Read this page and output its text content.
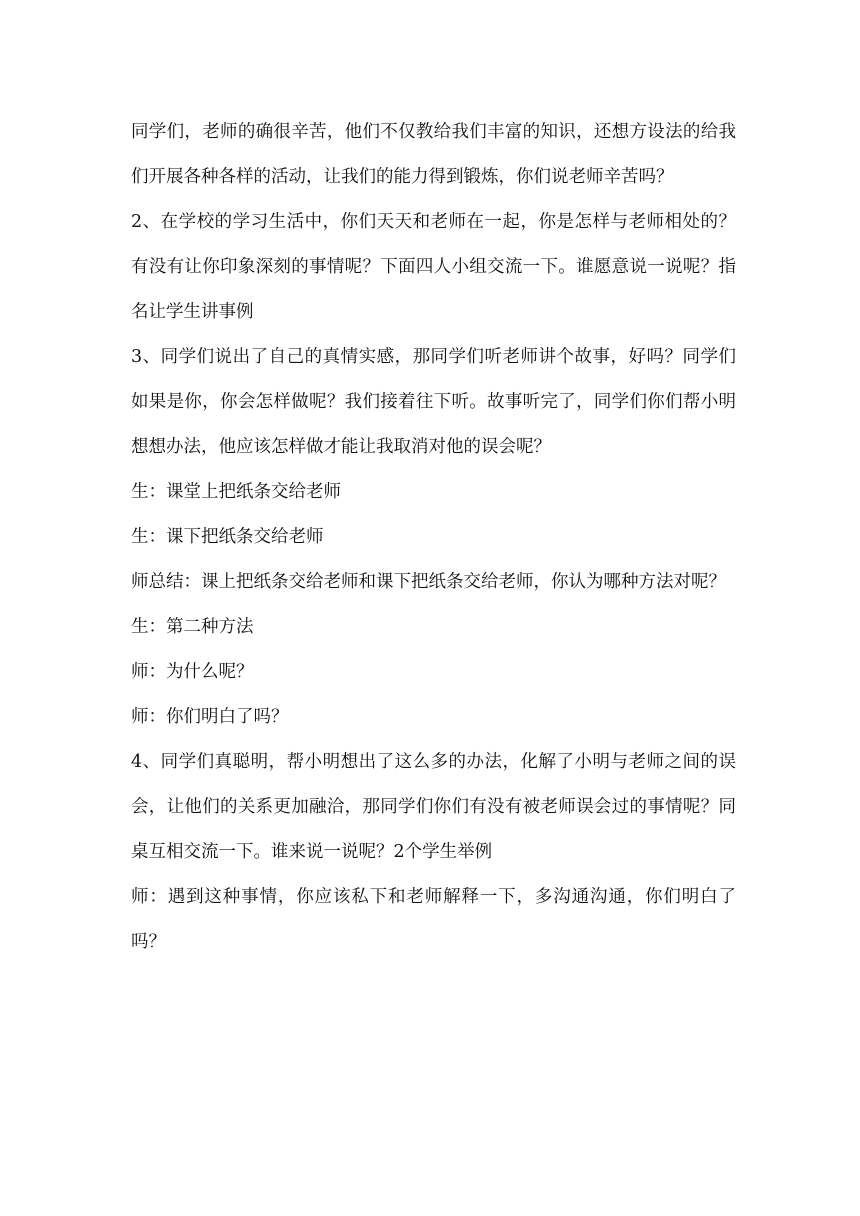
同学们，老师的确很辛苦，他们不仅教给我们丰富的知识，还想方设法的给我们开展各种各样的活动，让我们的能力得到锻炼，你们说老师辛苦吗？

2、在学校的学习生活中，你们天天和老师在一起，你是怎样与老师相处的？有没有让你印象深刻的事情呢？下面四人小组交流一下。谁愿意说一说呢？指名让学生讲事例

3、同学们说出了自己的真情实感，那同学们听老师讲个故事，好吗？同学们如果是你，你会怎样做呢？我们接着往下听。故事听完了，同学们你们帮小明想想办法，他应该怎样做才能让我取消对他的误会呢？

生：课堂上把纸条交给老师

生：课下把纸条交给老师

师总结：课上把纸条交给老师和课下把纸条交给老师，你认为哪种方法对呢？

生：第二种方法

师：为什么呢？

师：你们明白了吗？

4、同学们真聪明，帮小明想出了这么多的办法，化解了小明与老师之间的误会，让他们的关系更加融洽，那同学们你们有没有被老师误会过的事情呢？同桌互相交流一下。谁来说一说呢？2个学生举例

师：遇到这种事情，你应该私下和老师解释一下，多沟通沟通，你们明白了吗？
